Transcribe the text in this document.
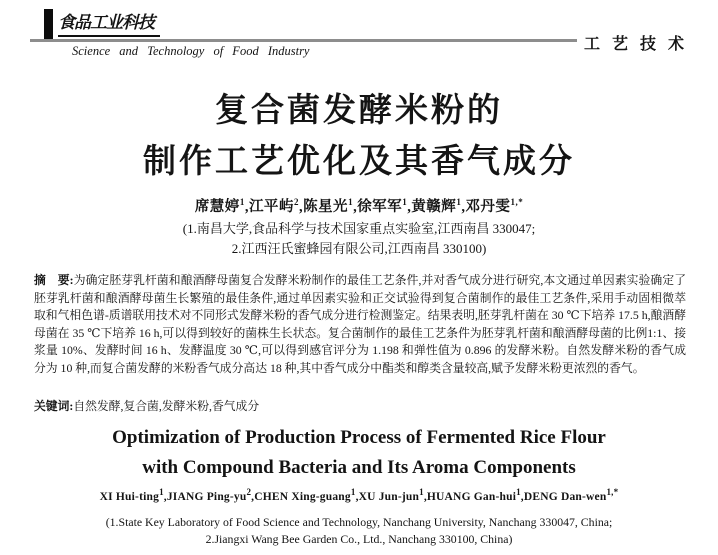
食品工业科技
Science and Technology of Food Industry	工艺技术
复合菌发酵米粉的
制作工艺优化及其香气成分
席慧婷$^1$,江平屿$^2$,陈星光$^1$,徐军军$^1$,黄赣辉$^1$,邓丹雯$^{1,*}$
(1.南昌大学,食品科学与技术国家重点实验室,江西南昌 330047;
2.江西汪氏蜜蜂园有限公司,江西南昌 330100)
摘　要:为确定胚芽乳杆菌和酿酒酵母菌复合发酵米粉制作的最佳工艺条件,并对香气成分进行研究,本文通过单因素实验确定了胚芽乳杆菌和酿酒酵母菌生长繁殖的最佳条件,通过单因素实验和正交试验得到复合菌制作的最佳工艺条件,采用手动固相微萃取和气相色谱-质谱联用技术对不同形式发酵米粉的香气成分进行检测鉴定。结果表明,胚芽乳杆菌在 30 ℃下培养 17.5 h,酿酒酵母菌在 35 ℃下培养 16 h,可以得到较好的菌株生长状态。复合菌制作的最佳工艺条件为胚芽乳杆菌和酿酒酵母菌的比例1:1、接浆量 10%、发酵时间 16 h、发酵温度 30 ℃,可以得到感官评分为 1.198 和弹性值为 0.896 的发酵米粉。自然发酵米粉的香气成分为 10 种,而复合菌发酵的米粉香气成分高达 18 种,其中香气成分中酯类和醇类含量较高,赋予发酵米粉更浓烈的香气。
关键词:自然发酵,复合菌,发酵米粉,香气成分
Optimization of Production Process of Fermented Rice Flour
with Compound Bacteria and Its Aroma Components
XI Hui-ting$^1$,JIANG Ping-$yu^2,CHEN$ Xing-guang$^1$,XU Jun-jun$^1$,HUANG Gan-hui$^1$,DENG Dan-wen$^{1,*}$
(1.State Key Laboratory of Food Science and Technology, Nanchang University, Nanchang 330047, China;
2.Jiangxi Wang Bee Garden Co., Ltd., Nanchang 330100, China)
